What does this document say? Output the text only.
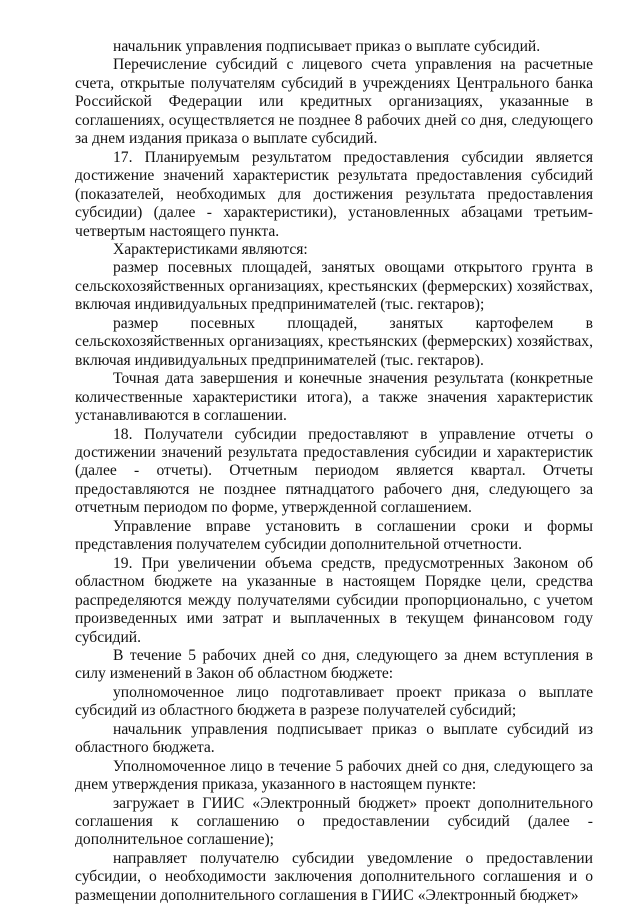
начальник управления подписывает приказ о выплате субсидий.

Перечисление субсидий с лицевого счета управления на расчетные счета, открытые получателям субсидий в учреждениях Центрального банка Российской Федерации или кредитных организациях, указанные в соглашениях, осуществляется не позднее 8 рабочих дней со дня, следующего за днем издания приказа о выплате субсидий.

17. Планируемым результатом предоставления субсидии является достижение значений характеристик результата предоставления субсидий (показателей, необходимых для достижения результата предоставления субсидии) (далее - характеристики), установленных абзацами третьим-четвертым настоящего пункта.

Характеристиками являются:

размер посевных площадей, занятых овощами открытого грунта в сельскохозяйственных организациях, крестьянских (фермерских) хозяйствах, включая индивидуальных предпринимателей (тыс. гектаров);

размер посевных площадей, занятых картофелем в сельскохозяйственных организациях, крестьянских (фермерских) хозяйствах, включая индивидуальных предпринимателей (тыс. гектаров).

Точная дата завершения и конечные значения результата (конкретные количественные характеристики итога), а также значения характеристик устанавливаются в соглашении.

18. Получатели субсидии предоставляют в управление отчеты о достижении значений результата предоставления субсидии и характеристик (далее - отчеты). Отчетным периодом является квартал. Отчеты предоставляются не позднее пятнадцатого рабочего дня, следующего за отчетным периодом по форме, утвержденной соглашением.

Управление вправе установить в соглашении сроки и формы представления получателем субсидии дополнительной отчетности.

19. При увеличении объема средств, предусмотренных Законом об областном бюджете на указанные в настоящем Порядке цели, средства распределяются между получателями субсидии пропорционально, с учетом произведенных ими затрат и выплаченных в текущем финансовом году субсидий.

В течение 5 рабочих дней со дня, следующего за днем вступления в силу изменений в Закон об областном бюджете:

уполномоченное лицо подготавливает проект приказа о выплате субсидий из областного бюджета в разрезе получателей субсидий;

начальник управления подписывает приказ о выплате субсидий из областного бюджета.

Уполномоченное лицо в течение 5 рабочих дней со дня, следующего за днем утверждения приказа, указанного в настоящем пункте:

загружает в ГИИС «Электронный бюджет» проект дополнительного соглашения к соглашению о предоставлении субсидий (далее - дополнительное соглашение);

направляет получателю субсидии уведомление о предоставлении субсидии, о необходимости заключения дополнительного соглашения и о размещении дополнительного соглашения в ГИИС «Электронный бюджет»
